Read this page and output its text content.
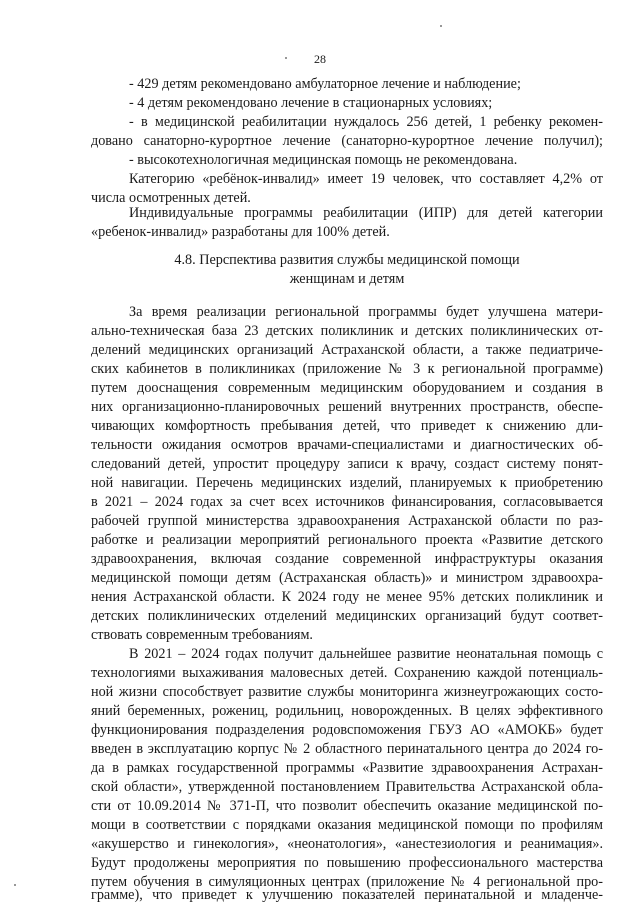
28
- 429 детям рекомендовано амбулаторное лечение и наблюдение;
- 4 детям рекомендовано лечение в стационарных условиях;
- в медицинской реабилитации нуждалось 256 детей, 1 ребенку рекомен-
довано санаторно-курортное лечение (санаторно-курортное лечение получил);
- высокотехнологичная медицинская помощь не рекомендована.
Категорию «ребёнок-инвалид» имеет 19 человек, что составляет 4,2% от
числа осмотренных детей.
Индивидуальные программы реабилитации (ИПР) для детей категории
«ребенок-инвалид» разработаны для 100% детей.
4.8. Перспектива развития службы медицинской помощи
женщинам и детям
За время реализации региональной программы будет улучшена матери-
ально-техническая база 23 детских поликлиник и детских поликлинических от-
делений медицинских организаций Астраханской области, а также педиатриче-
ских кабинетов в поликлиниках (приложение № 3 к региональной программе)
путем дооснащения современным медицинским оборудованием и создания в
них организационно-планировочных решений внутренних пространств, обеспе-
чивающих комфортность пребывания детей, что приведет к снижению дли-
тельности ожидания осмотров врачами-специалистами и диагностических об-
следований детей, упростит процедуру записи к врачу, создаст систему понят-
ной навигации. Перечень медицинских изделий, планируемых к приобретению
в 2021 – 2024 годах за счет всех источников финансирования, согласовывается
рабочей группой министерства здравоохранения Астраханской области по раз-
работке и реализации мероприятий регионального проекта «Развитие детского
здравоохранения, включая создание современной инфраструктуры оказания
медицинской помощи детям (Астраханская область)» и министром здравоохра-
нения Астраханской области. К 2024 году не менее 95% детских поликлиник и
детских поликлинических отделений медицинских организаций будут соответ-
ствовать современным требованиям.
В 2021 – 2024 годах получит дальнейшее развитие неонатальная помощь с
технологиями выхаживания маловесных детей. Сохранению каждой потенциаль-
ной жизни способствует развитие службы мониторинга жизнеугрожающих состо-
яний беременных, рожениц, родильниц, новорожденных. В целях эффективного
функционирования подразделения родовспоможения ГБУЗ АО «АМОКБ» будет
введен в эксплуатацию корпус № 2 областного перинатального центра до 2024 го-
да в рамках государственной программы «Развитие здравоохранения Астрахан-
ской области», утвержденной постановлением Правительства Астраханской обла-
сти от 10.09.2014 № 371-П, что позволит обеспечить оказание медицинской по-
мощи в соответствии с порядками оказания медицинской помощи по профилям
«акушерство и гинекология», «неонатология», «анестезиология и реанимация».
Будут продолжены мероприятия по повышению профессионального мастерства
путем обучения в симуляционных центрах (приложение № 4 региональной про-
грамме), что приведет к улучшению показателей перинатальной и младенче-
